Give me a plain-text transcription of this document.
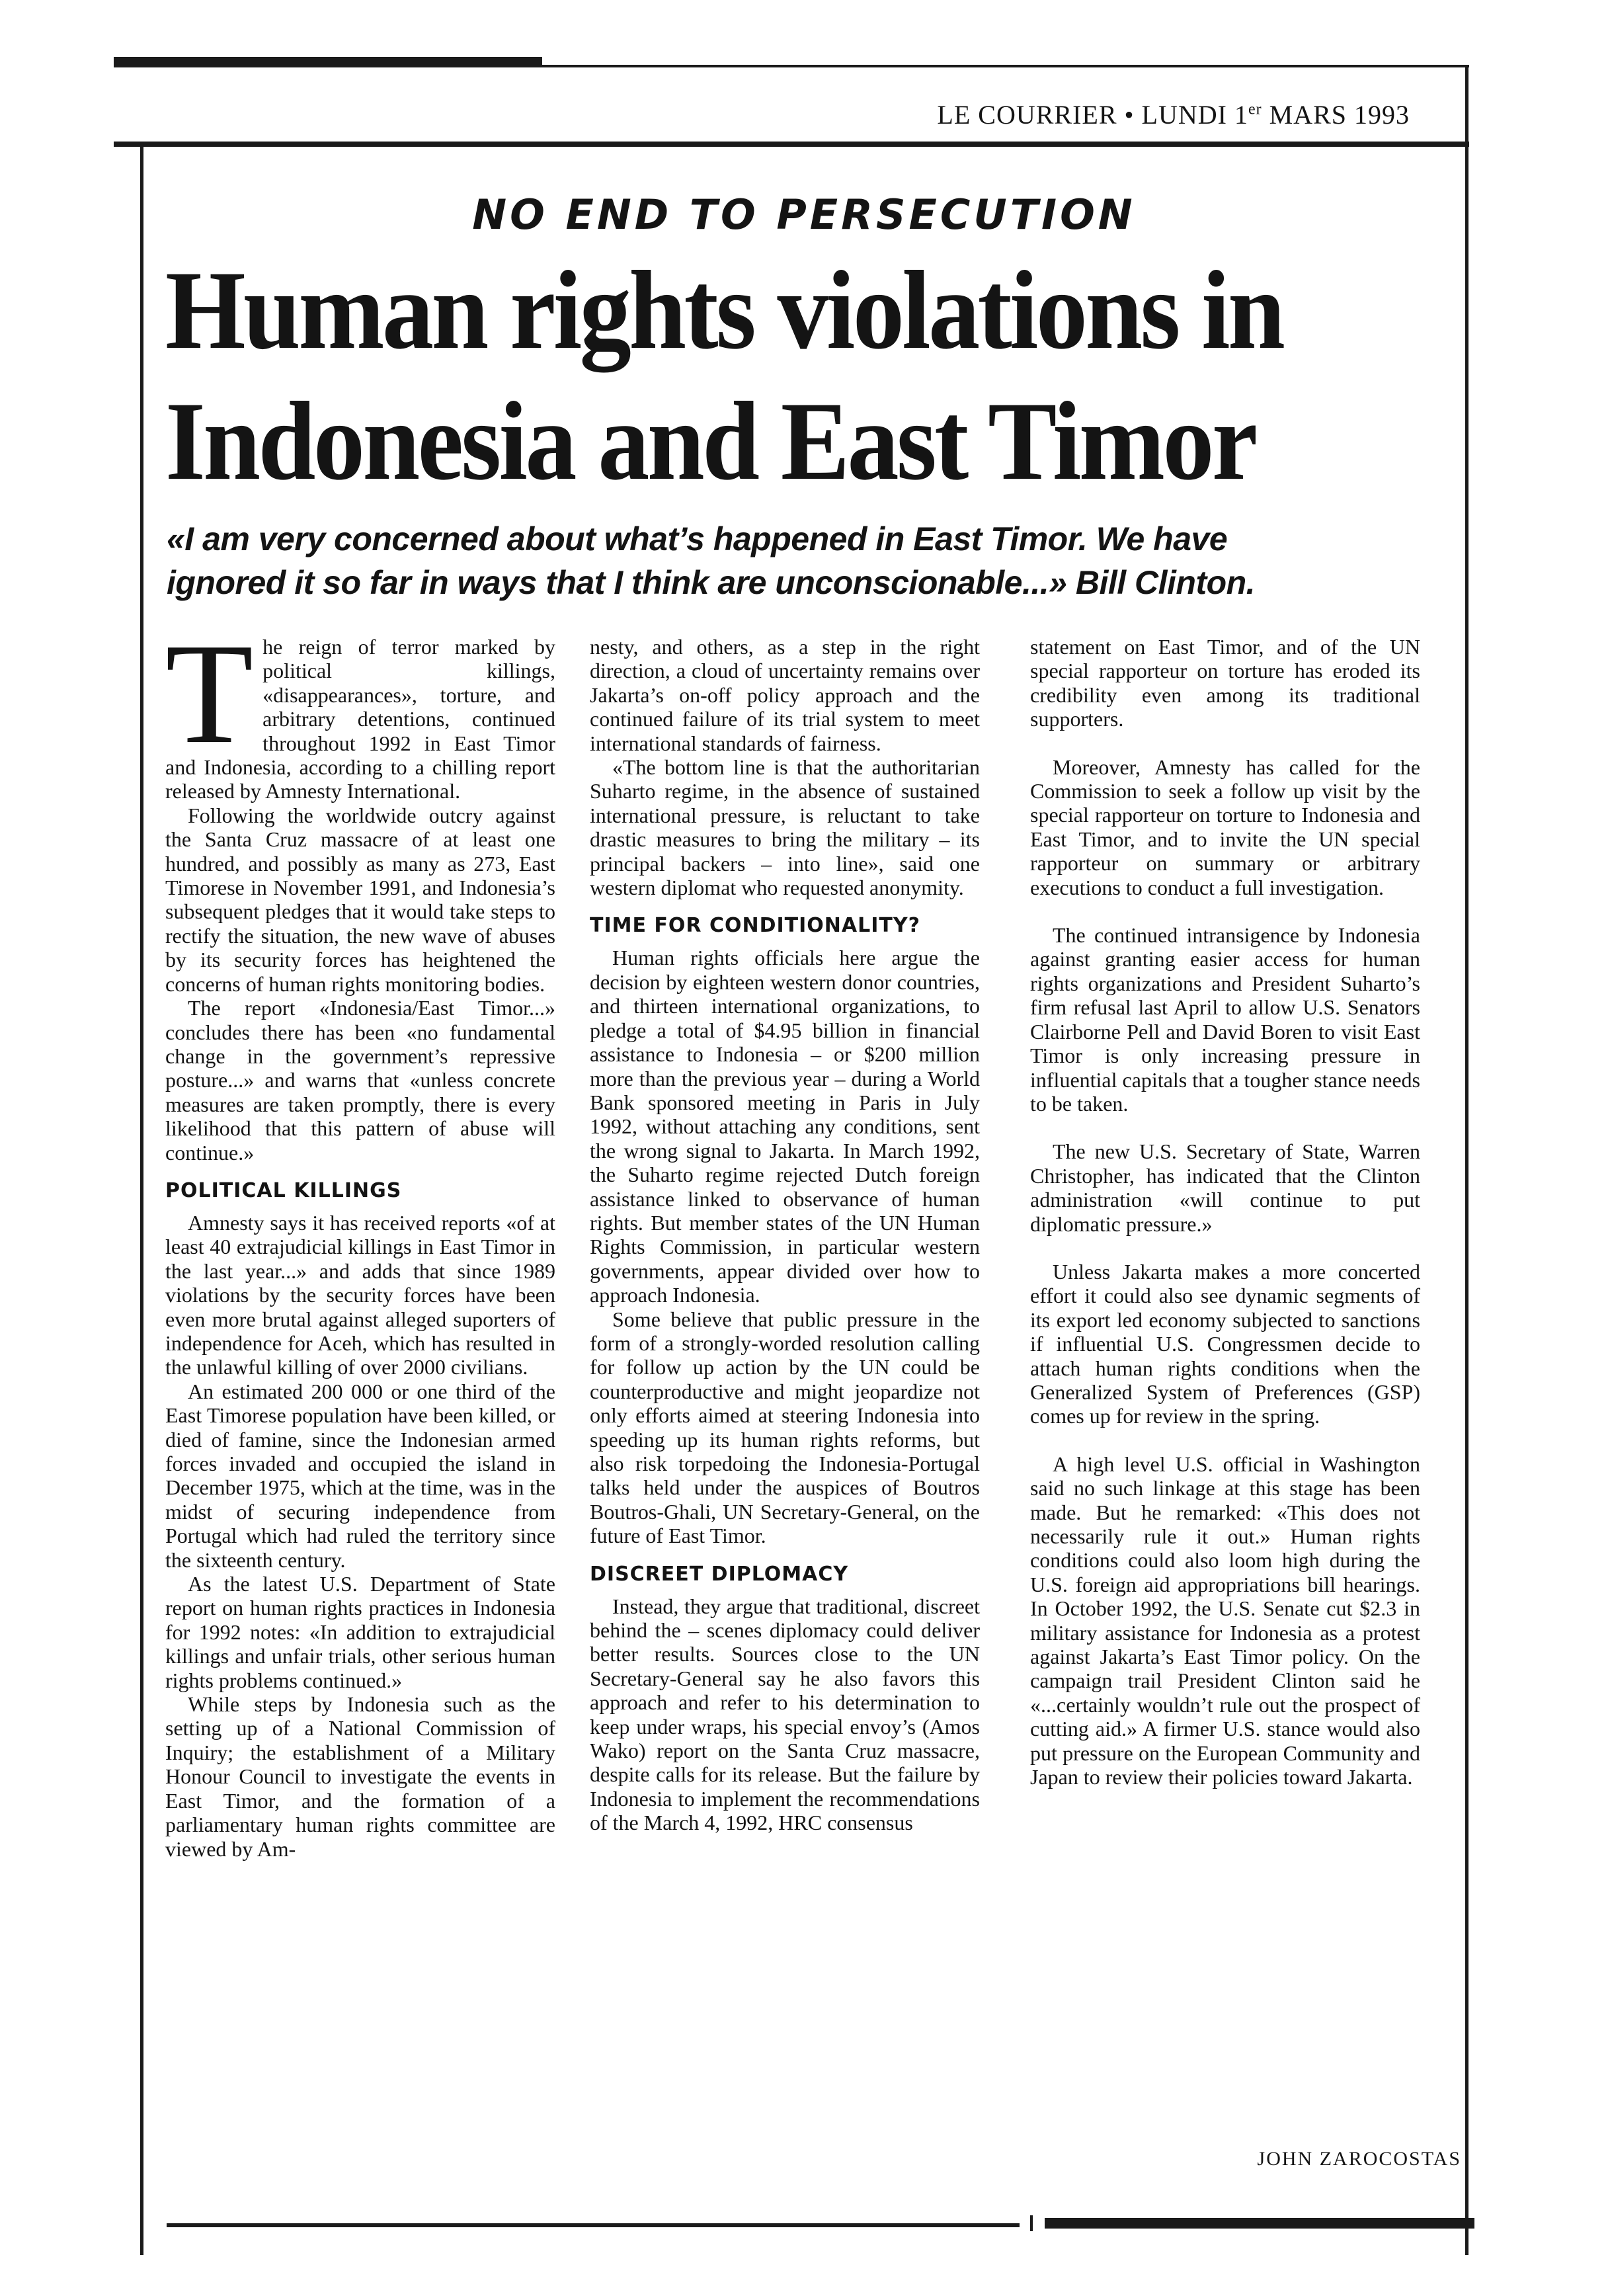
LE COURRIER • LUNDI 1er MARS 1993
NO END TO PERSECUTION
Human rights violations in
Indonesia and East Timor
«I am very concerned about what’s happened in East Timor. We have
ignored it so far in ways that I think are unconscionable...» Bill Clinton.

The reign of terror marked by political killings, «disappearances», torture, and arbitrary detentions, continued throughout 1992 in East Timor and Indonesia, according to a chilling report released by Amnesty International.

Following the worldwide outcry against the Santa Cruz massacre of at least one hundred, and possibly as many as 273, East Timorese in November 1991, and Indonesia’s subsequent pledges that it would take steps to rectify the situation, the new wave of abuses by its security forces has heightened the concerns of human rights monitoring bodies.

The report «Indonesia/East Timor...» concludes there has been «no fundamental change in the government’s repressive posture...» and warns that «unless concrete measures are taken promptly, there is every likelihood that this pattern of abuse will continue.»

POLITICAL KILLINGS

Amnesty says it has received reports «of at least 40 extrajudicial killings in East Timor in the last year...» and adds that since 1989 violations by the security forces have been even more brutal against alleged suporters of independence for Aceh, which has resulted in the unlawful killing of over 2000 civilians.

An estimated 200 000 or one third of the East Timorese population have been killed, or died of famine, since the Indonesian armed forces invaded and occupied the island in December 1975, which at the time, was in the midst of securing independence from Portugal which had ruled the territory since the sixteenth century.

As the latest U.S. Department of State report on human rights practices in Indonesia for 1992 notes: «In addition to extrajudicial killings and unfair trials, other serious human rights problems continued.»

While steps by Indonesia such as the setting up of a National Commission of Inquiry; the establishment of a Military Honour Council to investigate the events in East Timor, and the formation of a parliamentary human rights committee are viewed by Am-

nesty, and others, as a step in the right direction, a cloud of uncertainty remains over Jakarta’s on-off policy approach and the continued failure of its trial system to meet international standards of fairness.

«The bottom line is that the authoritarian Suharto regime, in the absence of sustained international pressure, is reluctant to take drastic measures to bring the military – its principal backers – into line», said one western diplomat who requested anonymity.

TIME FOR CONDITIONALITY?

Human rights officials here argue the decision by eighteen western donor countries, and thirteen international organizations, to pledge a total of $4.95 billion in financial assistance to Indonesia – or $200 million more than the previous year – during a World Bank sponsored meeting in Paris in July 1992, without attaching any conditions, sent the wrong signal to Jakarta. In March 1992, the Suharto regime rejected Dutch foreign assistance linked to observance of human rights. But member states of the UN Human Rights Commission, in particular western governments, appear divided over how to approach Indonesia.

Some believe that public pressure in the form of a strongly-worded resolution calling for follow up action by the UN could be counterproductive and might jeopardize not only efforts aimed at steering Indonesia into speeding up its human rights reforms, but also risk torpedoing the Indonesia-Portugal talks held under the auspices of Boutros Boutros-Ghali, UN Secretary-General, on the future of East Timor.

DISCREET DIPLOMACY

Instead, they argue that traditional, discreet behind the – scenes diplomacy could deliver better results. Sources close to the UN Secretary-General say he also favors this approach and refer to his determination to keep under wraps, his special envoy’s (Amos Wako) report on the Santa Cruz massacre, despite calls for its release. But the failure by Indonesia to implement the recommendations of the March 4, 1992, HRC consensus

statement on East Timor, and of the UN special rapporteur on torture has eroded its credibility even among its traditional supporters.

Moreover, Amnesty has called for the Commission to seek a follow up visit by the special rapporteur on torture to Indonesia and East Timor, and to invite the UN special rapporteur on summary or arbitrary executions to conduct a full investigation.

The continued intransigence by Indonesia against granting easier access for human rights organizations and President Suharto’s firm refusal last April to allow U.S. Senators Clairborne Pell and David Boren to visit East Timor is only increasing pressure in influential capitals that a tougher stance needs to be taken.

The new U.S. Secretary of State, Warren Christopher, has indicated that the Clinton administration «will continue to put diplomatic pressure.»

Unless Jakarta makes a more concerted effort it could also see dynamic segments of its export led economy subjected to sanctions if influential U.S. Congressmen decide to attach human rights conditions when the Generalized System of Preferences (GSP) comes up for review in the spring.

A high level U.S. official in Washington said no such linkage at this stage has been made. But he remarked: «This does not necessarily rule it out.» Human rights conditions could also loom high during the U.S. foreign aid appropriations bill hearings. In October 1992, the U.S. Senate cut $2.3 in military assistance for Indonesia as a protest against Jakarta’s East Timor policy. On the campaign trail President Clinton said he «...certainly wouldn’t rule out the prospect of cutting aid.» A firmer U.S. stance would also put pressure on the European Community and Japan to review their policies toward Jakarta.

JOHN ZAROCOSTAS
